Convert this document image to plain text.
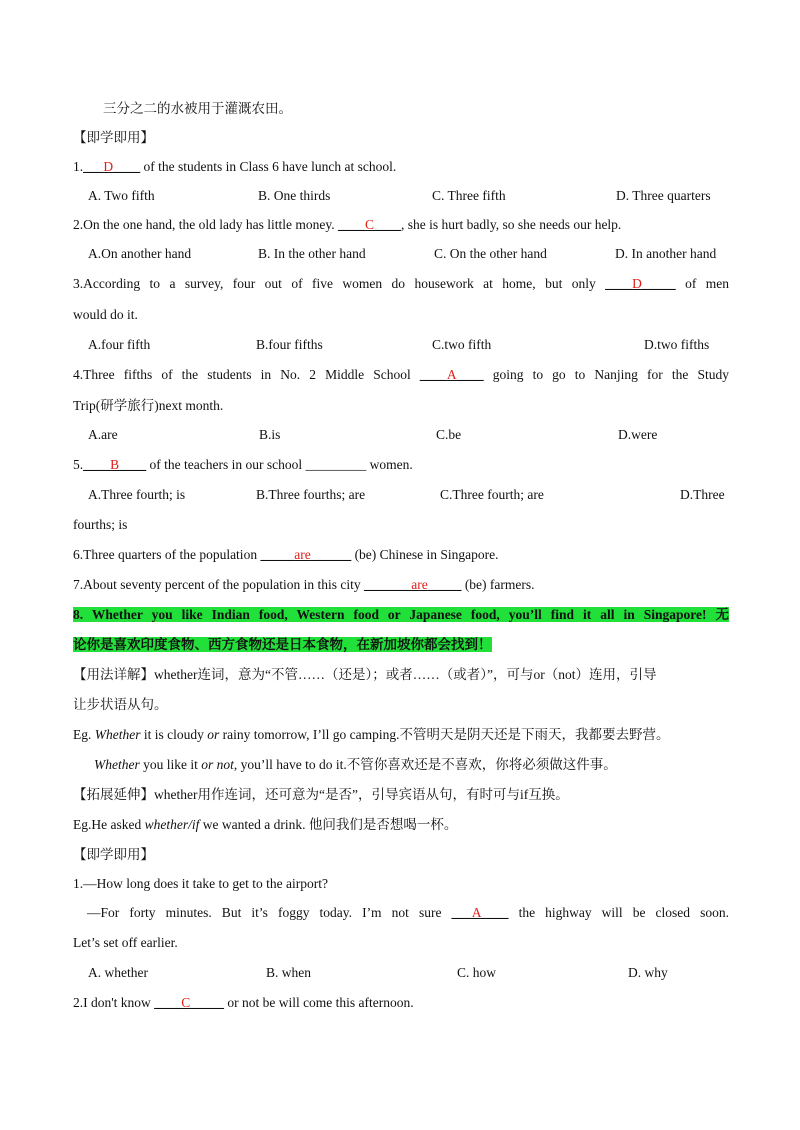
三分之二的水被用于灌溉农田。
【即学即用】
1.___D____ of the students in Class 6 have lunch at school.
A. Two fifth	B. One thirds	C. Three fifth	D. Three quarters
2.On the one hand, the old lady has little money. ____C____, she is hurt badly, so she needs our help.
A.On another hand	B. In the other hand	C. On the other hand	D. In another hand
3.According to a survey, four out of five women do housework at home, but only ____D_____ of men
would do it.
A.four fifth	B.four fifths	C.two fifth	D.two fifths
4.Three fifths of the students in No. 2 Middle School ____A____ going to go to Nanjing for the Study
Trip(研学旅行)next month.
A.are	B.is	C.be	D.were
5.____B____ of the teachers in our school _________ women.
A.Three fourth; is	B.Three fourths; are	C.Three fourth; are	D.Three
fourths; is
6.Three quarters of the population _____are______ (be) Chinese in Singapore.
7.About seventy percent of the population in this city _______are_____ (be) farmers.
8. Whether you like Indian food, Western food or Japanese food, you’ll find it all in Singapore! 无
论你是喜欢印度食物、西方食物还是日本食物，在新加坡你都会找到！
【用法详解】whether连词，意为“不管……（还是）；或者……（或者）”，可与or（not）连用，引导
让步状语从句。
Eg. Whether it is cloudy or rainy tomorrow, I’ll go camping.不管明天是阴天还是下雨天，我都要去野营。
Whether you like it or not, you’ll have to do it.不管你喜欢还是不喜欢，你将必须做这件事。
【拓展延伸】whether用作连词，还可意为“是否”，引导宾语从句，有时可与if互换。
Eg.He asked whether/if we wanted a drink. 他问我们是否想喝一杯。
【即学即用】
1.—How long does it take to get to the airport?
—For forty minutes. But it’s foggy today. I’m not sure ___A____ the highway will be closed soon.
Let’s set off earlier.
A. whether	B. when	C. how	D. why
2.I don't know ____C_____ or not be will come this afternoon.
